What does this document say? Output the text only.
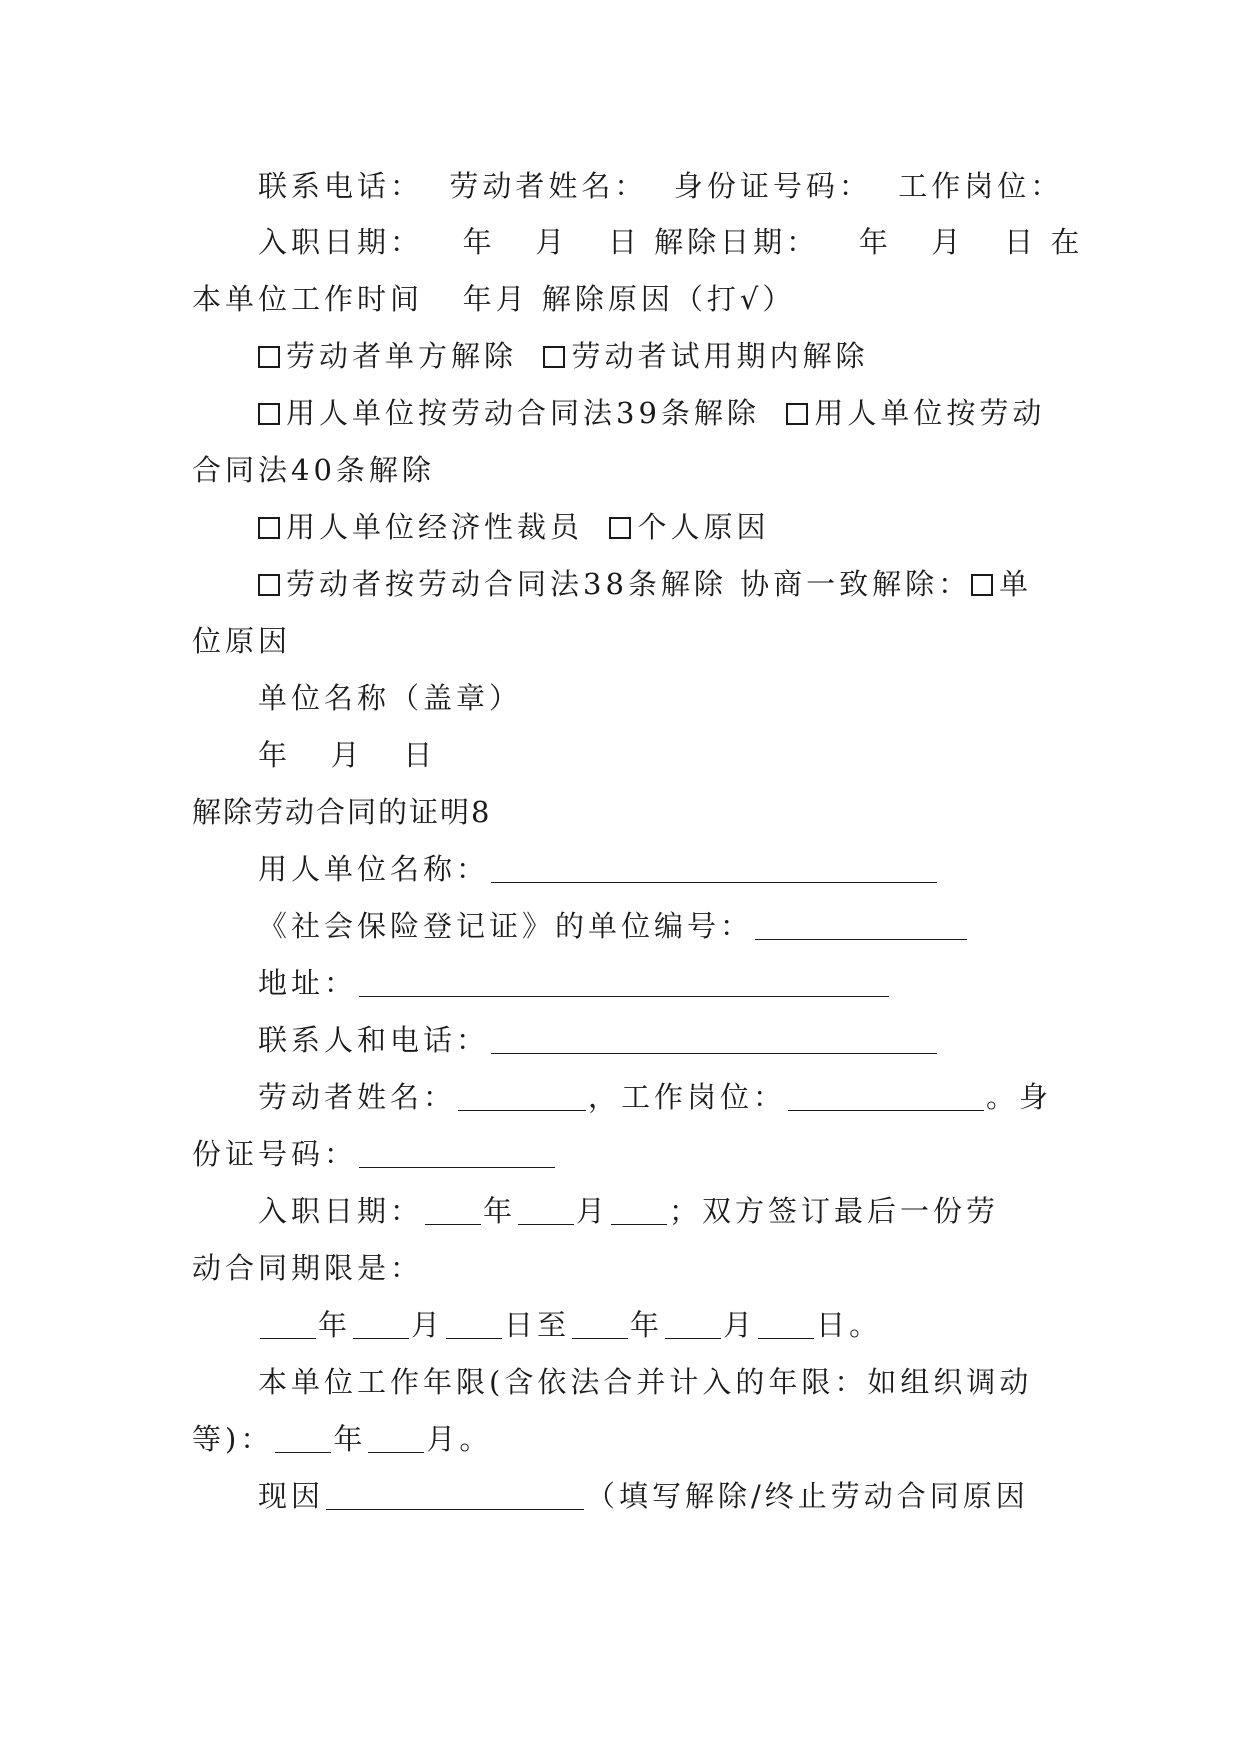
联系电话：  劳动者姓名：  身份证号码：  工作岗位：
入职日期：   年   月   日 解除日期：   年   月   日 在
本单位工作时间   年月 解除原因（打√）
劳动者单方解除 劳动者试用期内解除
用人单位按劳动合同法39条解除 用人单位按劳动
合同法40条解除
用人单位经济性裁员 个人原因
劳动者按劳动合同法38条解除 协商一致解除： 单
位原因
单位名称（盖章）
年   月   日
解除劳动合同的证明8
用人单位名称：
《社会保险登记证》的单位编号：
地址：
联系人和电话：
劳动者姓名：	，工作岗位：	。身
份证号码：
入职日期： 年 月 ；双方签订最后一份劳
动合同期限是：
年 月 日至 年 月 日。
本单位工作年限(含依法合并计入的年限：如组织调动
等)： 年 月。
现因	（填写解除/终止劳动合同原因
